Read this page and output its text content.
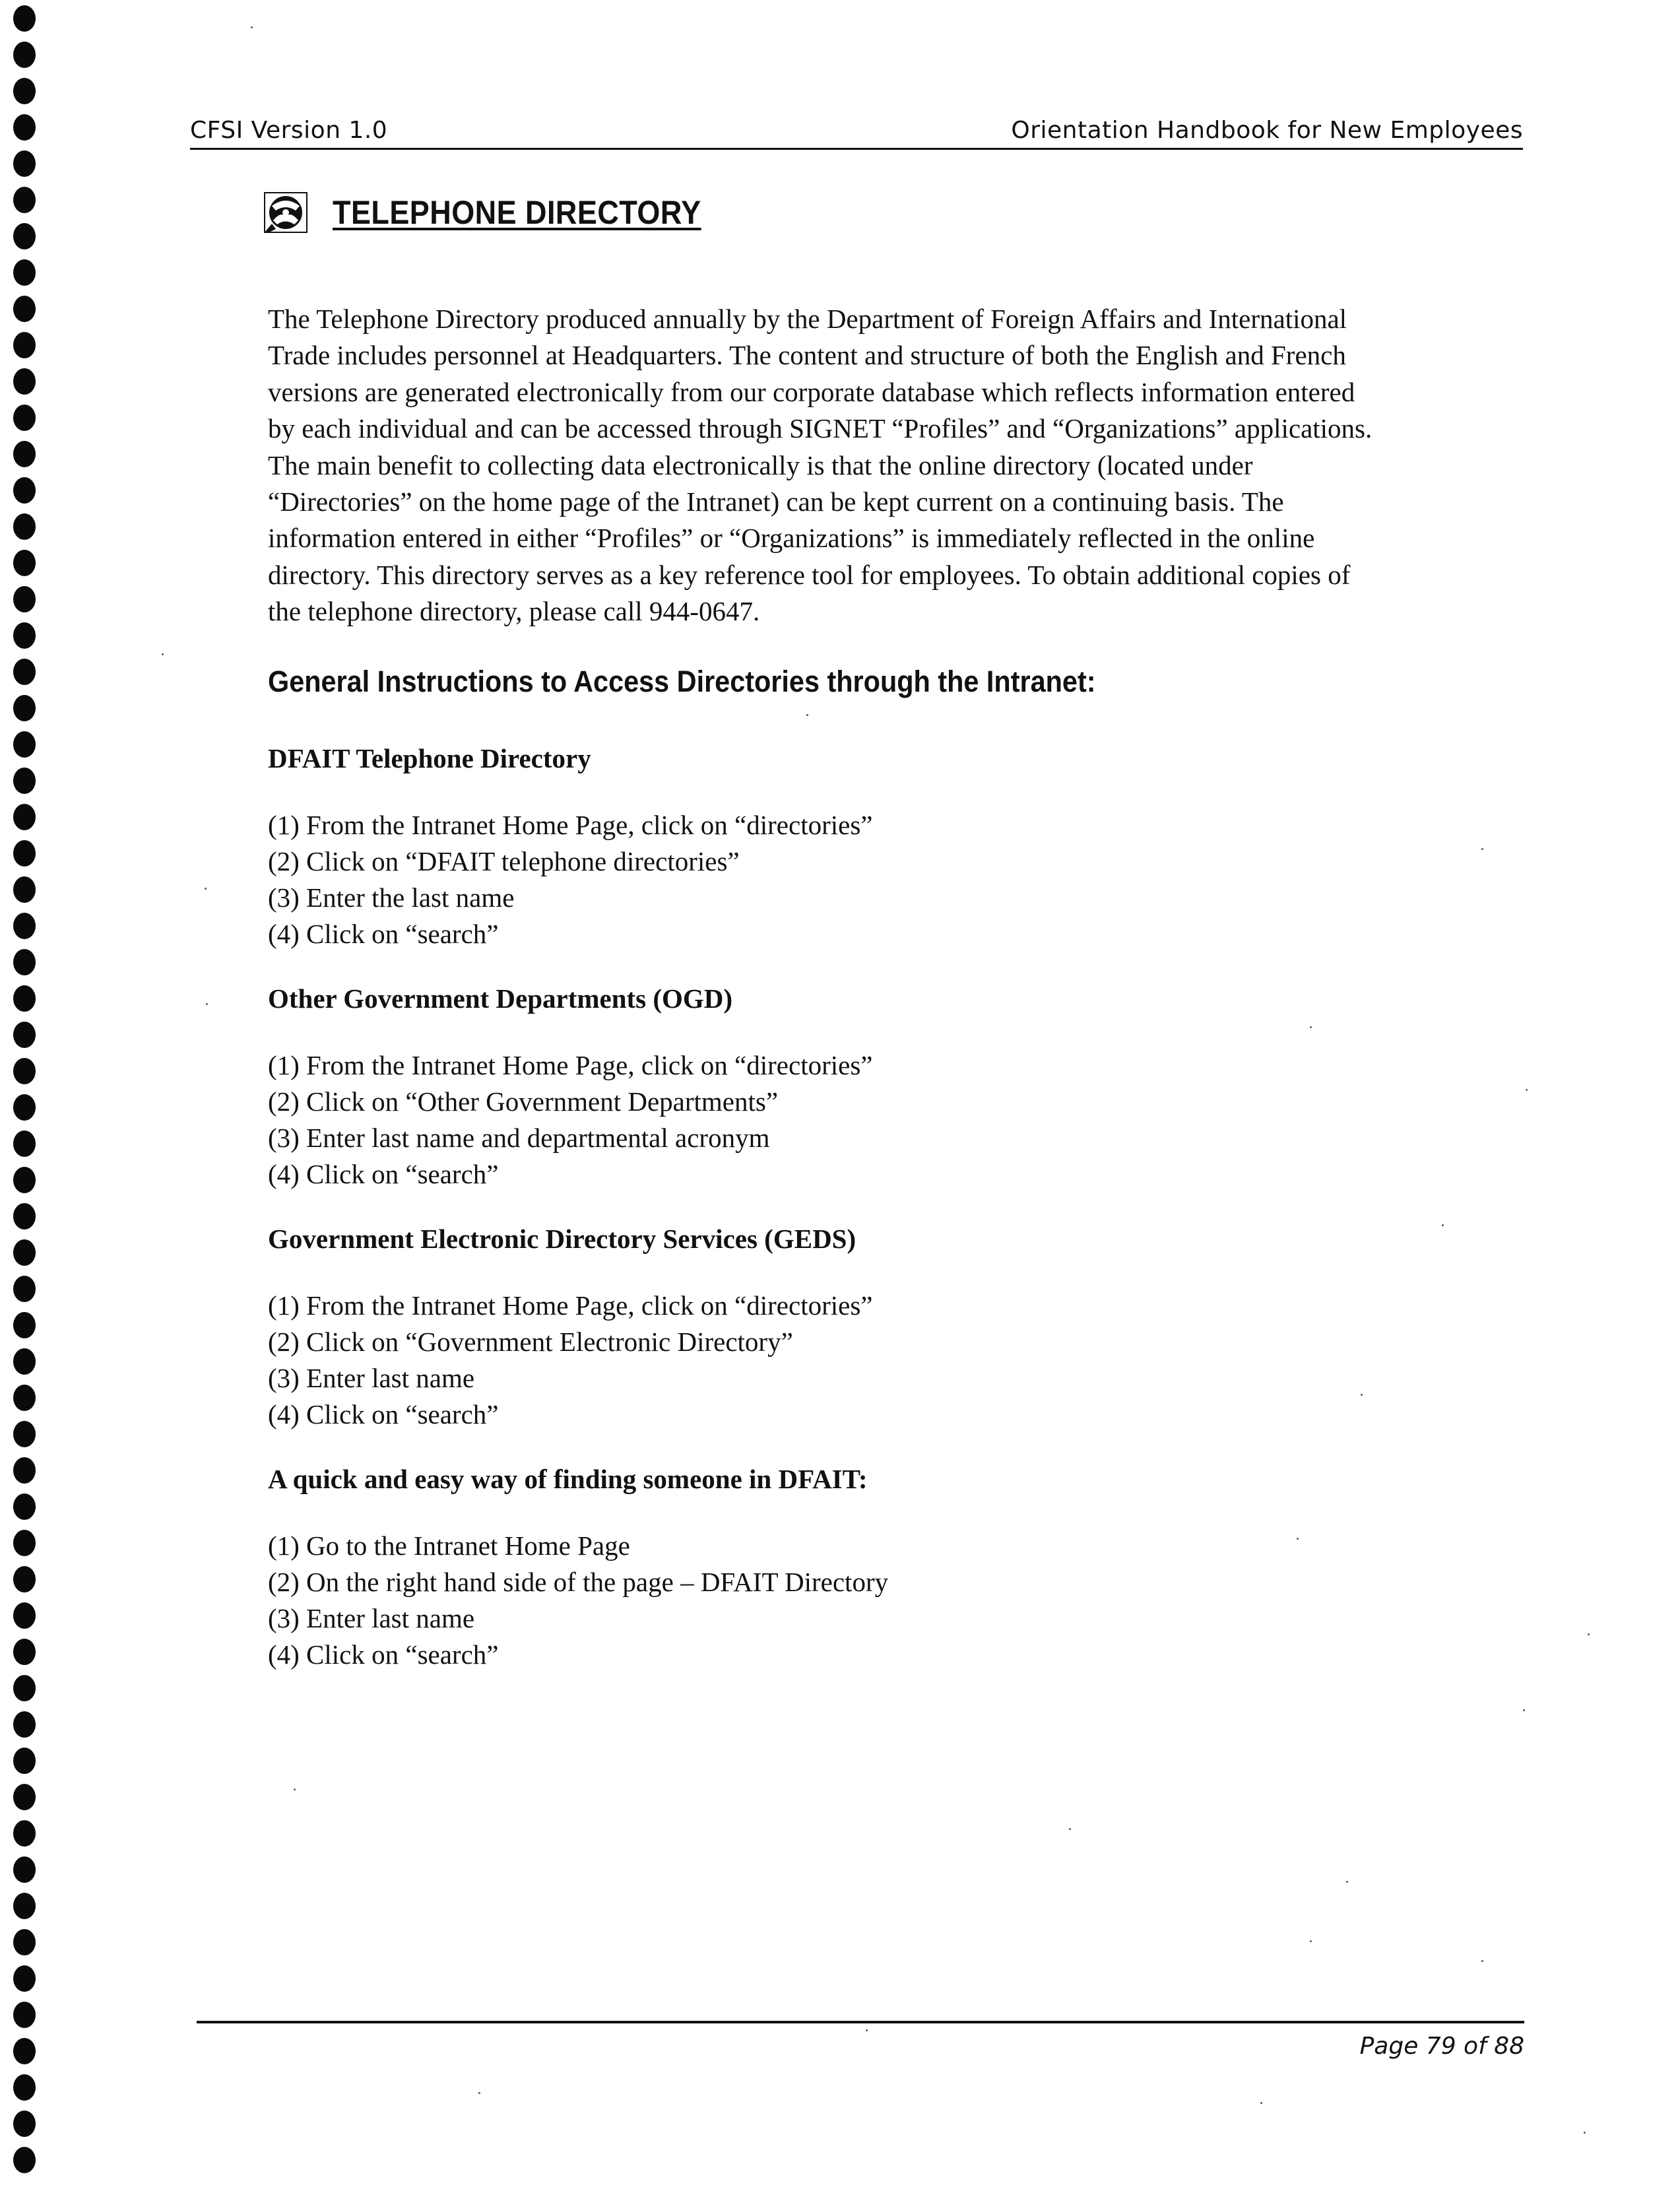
CFSI Version 1.0	Orientation Handbook for New Employees
TELEPHONE DIRECTORY

The Telephone Directory produced annually by the Department of Foreign Affairs and International
Trade includes personnel at Headquarters. The content and structure of both the English and French
versions are generated electronically from our corporate database which reflects information entered
by each individual and can be accessed through SIGNET “Profiles” and “Organizations” applications.
The main benefit to collecting data electronically is that the online directory (located under
“Directories” on the home page of the Intranet) can be kept current on a continuing basis. The
information entered in either “Profiles” or “Organizations” is immediately reflected in the online
directory. This directory serves as a key reference tool for employees. To obtain additional copies of
the telephone directory, please call 944-0647.

General Instructions to Access Directories through the Intranet:
DFAIT Telephone Directory
(1) From the Intranet Home Page, click on “directories”
(2) Click on “DFAIT telephone directories”
(3) Enter the last name
(4) Click on “search”
Other Government Departments (OGD)
(1) From the Intranet Home Page, click on “directories”
(2) Click on “Other Government Departments”
(3) Enter last name and departmental acronym
(4) Click on “search”
Government Electronic Directory Services (GEDS)
(1) From the Intranet Home Page, click on “directories”
(2) Click on “Government Electronic Directory”
(3) Enter last name
(4) Click on “search”
A quick and easy way of finding someone in DFAIT:
(1) Go to the Intranet Home Page
(2) On the right hand side of the page – DFAIT Directory
(3) Enter last name
(4) Click on “search”
Page 79 of 88
